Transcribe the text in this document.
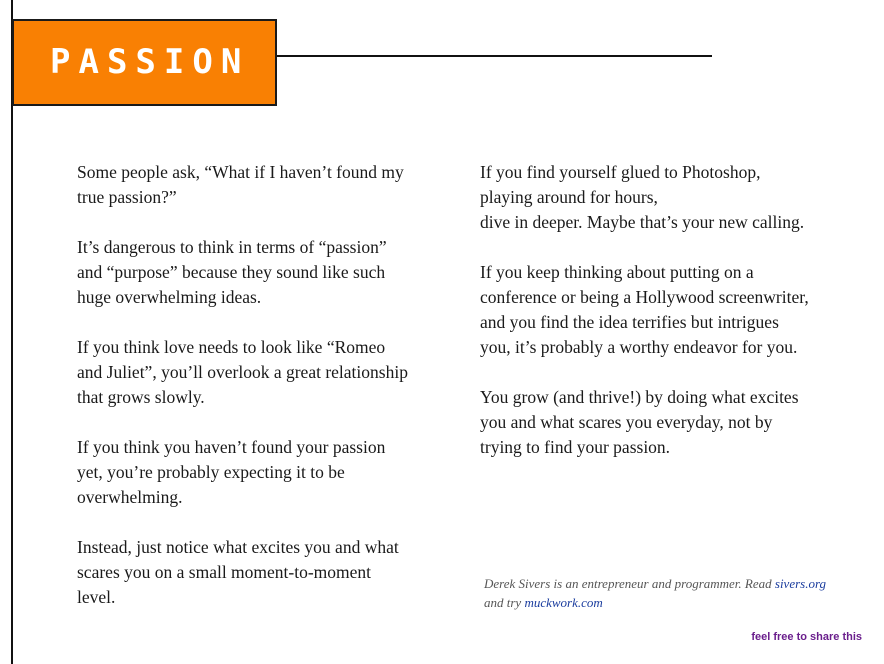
PASSION

Some people ask, “What if I haven’t found my
true passion?”

It’s dangerous to think in terms of “passion”
and “purpose” because they sound like such
huge overwhelming ideas.

If you think love needs to look like “Romeo
and Juliet”, you’ll overlook a great relationship
that grows slowly.

If you think you haven’t found your passion
yet, you’re probably expecting it to be
overwhelming.

Instead, just notice what excites you and what
scares you on a small moment-to-moment
level.

If you find yourself glued to Photoshop,
playing around for hours,
dive in deeper. Maybe that’s your new calling.

If you keep thinking about putting on a
conference or being a Hollywood screenwriter,
and you find the idea terrifies but intrigues
you, it’s probably a worthy endeavor for you.

You grow (and thrive!) by doing what excites
you and what scares you everyday, not by
trying to find your passion.

Derek Sivers is an entrepreneur and programmer. Read sivers.org
and try muckwork.com
feel free to share this
